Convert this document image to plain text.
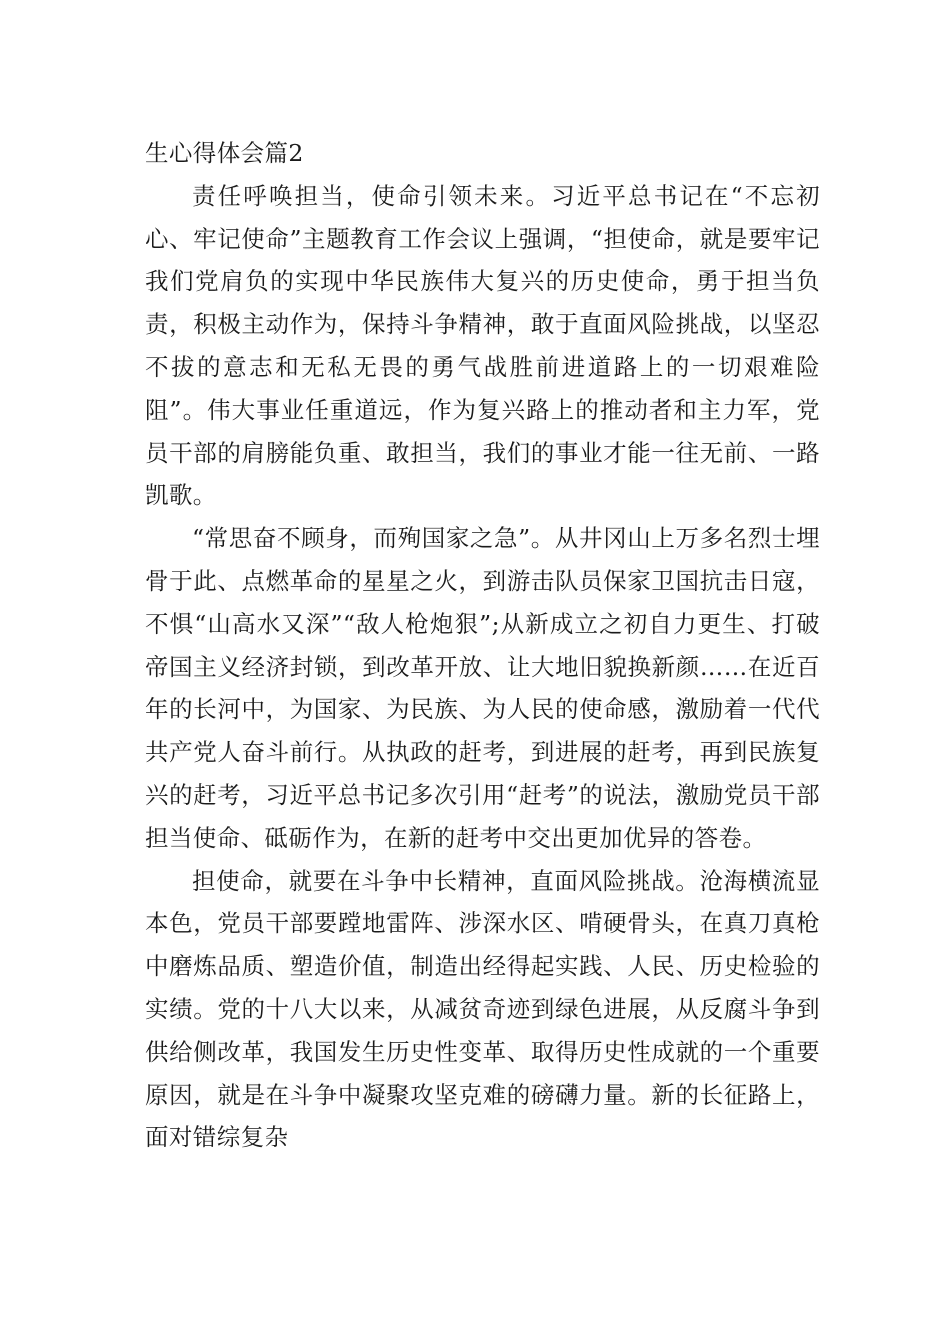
生心得体会篇2

责任呼唤担当，使命引领未来。习近平总书记在“不忘初心、牢记使命”主题教育工作会议上强调，“担使命，就是要牢记我们党肩负的实现中华民族伟大复兴的历史使命，勇于担当负责，积极主动作为，保持斗争精神，敢于直面风险挑战，以坚忍不拔的意志和无私无畏的勇气战胜前进道路上的一切艰难险阻”。伟大事业任重道远，作为复兴路上的推动者和主力军，党员干部的肩膀能负重、敢担当，我们的事业才能一往无前、一路凯歌。

“常思奋不顾身，而殉国家之急”。从井冈山上万多名烈士埋骨于此、点燃革命的星星之火，到游击队员保家卫国抗击日寇，不惧“山高水又深”“敌人枪炮狠”;从新成立之初自力更生、打破帝国主义经济封锁，到改革开放、让大地旧貌换新颜……在近百年的长河中，为国家、为民族、为人民的使命感，激励着一代代共产党人奋斗前行。从执政的赶考，到进展的赶考，再到民族复兴的赶考，习近平总书记多次引用“赶考”的说法，激励党员干部担当使命、砥砺作为，在新的赶考中交出更加优异的答卷。

担使命，就要在斗争中长精神，直面风险挑战。沧海横流显本色，党员干部要蹚地雷阵、涉深水区、啃硬骨头，在真刀真枪中磨炼品质、塑造价值，制造出经得起实践、人民、历史检验的实绩。党的十八大以来，从减贫奇迹到绿色进展，从反腐斗争到供给侧改革，我国发生历史性变革、取得历史性成就的一个重要原因，就是在斗争中凝聚攻坚克难的磅礴力量。新的长征路上，面对错综复杂
